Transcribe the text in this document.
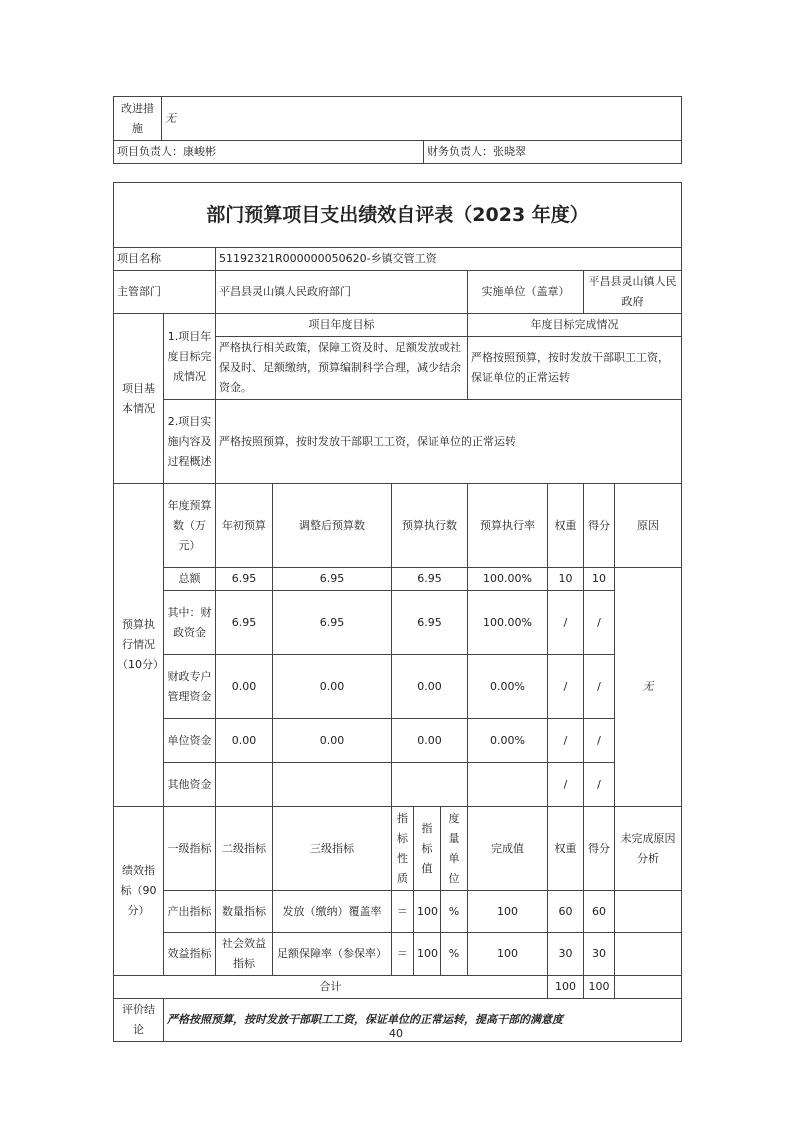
改进措施	无	
项目负责人：康峻彬		财务负责人：张晓翠
部门预算项目支出绩效自评表（2023 年度）										
项目名称		51192321R000000050620-乡镇交管工资								
主管部门		平昌县灵山镇人民政府部门					实施单位（盖章）		平昌县灵山镇人民政府	
项目基本情况	1.项目年度目标完成情况	项目年度目标					年度目标完成情况			
		严格执行相关政策，保障工资及时、足额发放或社保及时、足额缴纳，预算编制科学合理，减少结余资金。					严格按照预算，按时发放干部职工工资，保证单位的正常运转			
	2.项目实施内容及过程概述	严格按照预算，按时发放干部职工工资，保证单位的正常运转								

预算执行情况（10分）	年度预算数（万元）	年初预算	调整后预算数	预算执行数			预算执行率	权重	得分	原因
	总额	6.95	6.95	6.95			100.00%	10	10	无
	其中：财政资金	6.95	6.95	6.95			100.00%	/	/	
	财政专户管理资金	0.00	0.00	0.00			0.00%	/	/	
	单位资金	0.00	0.00	0.00			0.00%	/	/	
	其他资金							/	/	
绩效指标（90分）	一级指标	二级指标	三级指标	指标性质	指标值	度量单位	完成值	权重	得分	未完成原因分析
	产出指标	数量指标	发放（缴纳）覆盖率	＝	100	%	100	60	60	
	效益指标	社会效益指标	足额保障率（参保率）	＝	100	%	100	30	30	
合计								100	100	
评价结论	严格按照预算，按时发放干部职工工资，保证单位的正常运转，提高干部的满意度									
40
